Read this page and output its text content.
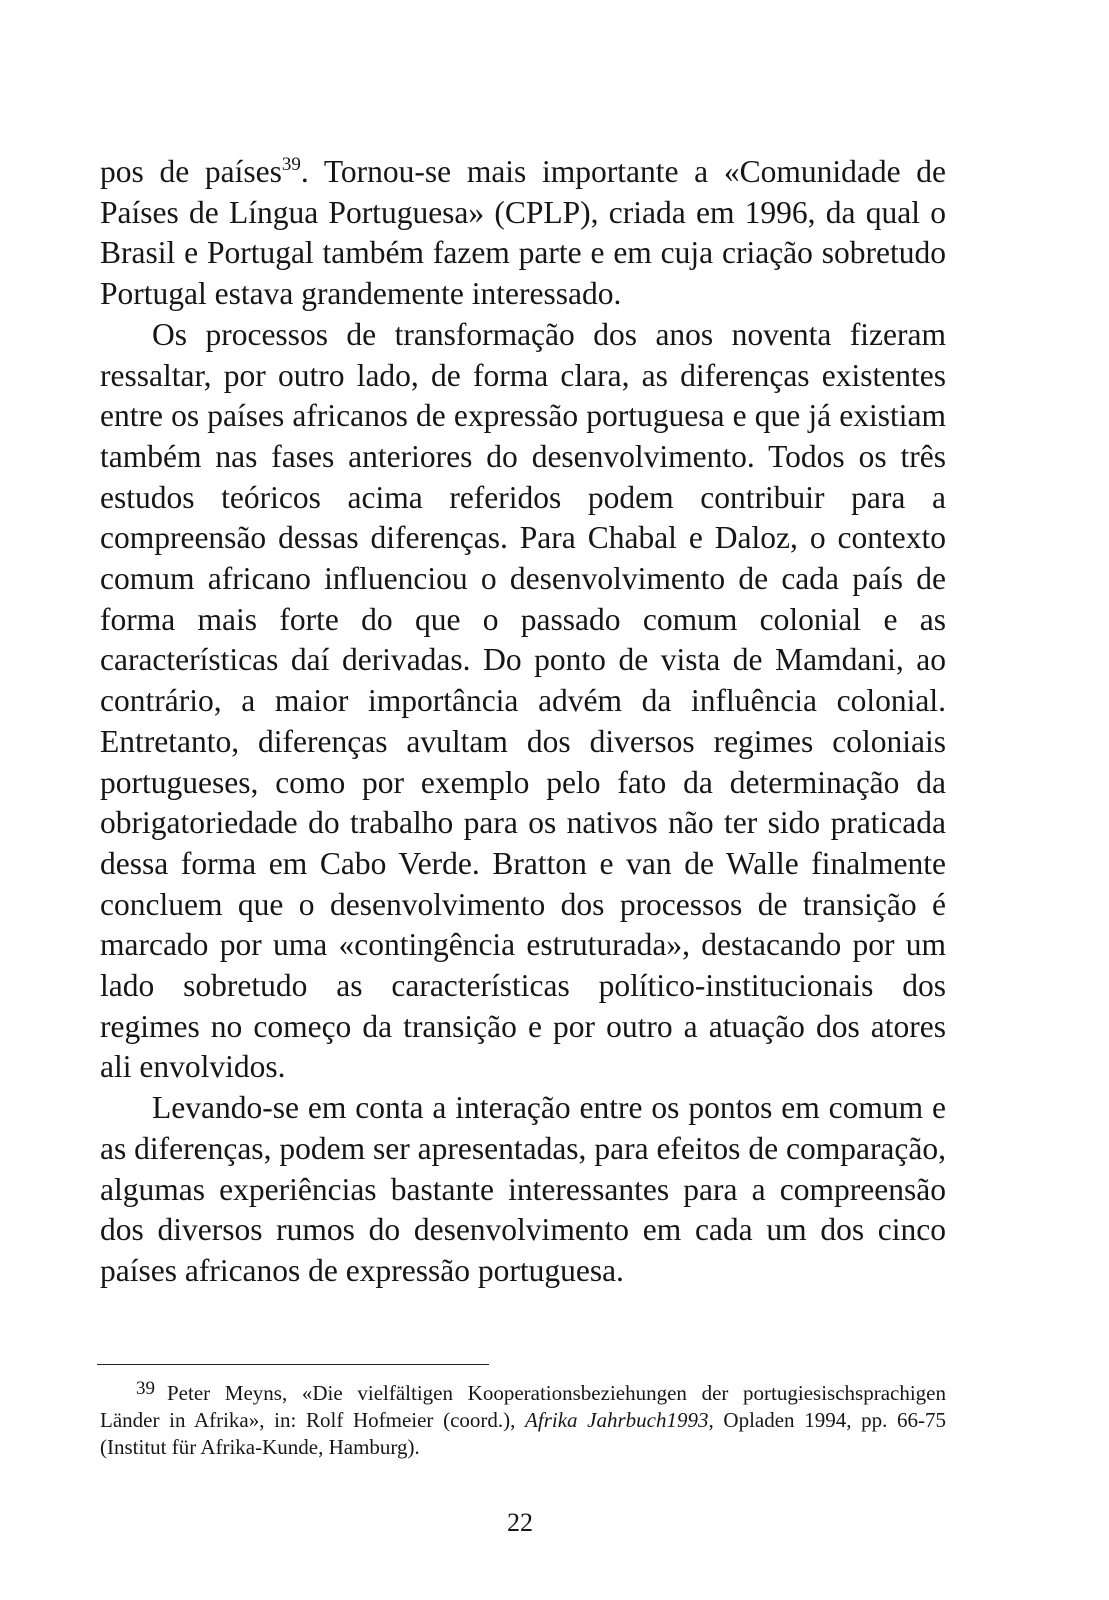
pos de países$^{39}$. Tornou-se mais importante a «Comunidade de Países de Língua Portuguesa» (CPLP), criada em 1996, da qual o Brasil e Portugal também fazem parte e em cuja criação sobretudo Portugal estava grandemente interessado.

Os processos de transformação dos anos noventa fizeram ressaltar, por outro lado, de forma clara, as diferenças existentes entre os países africanos de expressão portuguesa e que já existiam também nas fases anteriores do desenvolvimento. Todos os três estudos teóricos acima referidos podem contribuir para a compreensão dessas diferenças. Para Chabal e Daloz, o contexto comum africano influenciou o desenvolvimento de cada país de forma mais forte do que o passado comum colonial e as características daí derivadas. Do ponto de vista de Mamdani, ao contrário, a maior importância advém da influência colonial. Entretanto, diferenças avultam dos diversos regimes coloniais portugueses, como por exemplo pelo fato da determinação da obrigatoriedade do trabalho para os nativos não ter sido praticada dessa forma em Cabo Verde. Bratton e van de Walle finalmente concluem que o desenvolvimento dos processos de transição é marcado por uma «contingência estruturada», destacando por um lado sobretudo as características político-institucionais dos regimes no começo da transição e por outro a atuação dos atores ali envolvidos.

Levando-se em conta a interação entre os pontos em comum e as diferenças, podem ser apresentadas, para efeitos de comparação, algumas experiências bastante interessantes para a compreensão dos diversos rumos do desenvolvimento em cada um dos cinco países africanos de expressão portuguesa.

39 Peter Meyns, «Die vielfältigen Kooperationsbeziehungen der portugiesischsprachigen Länder in Afrika», in: Rolf Hofmeier (coord.), Afrika Jahrbuch1993, Opladen 1994, pp. 66-75 (Institut für Afrika-Kunde, Hamburg).
22
